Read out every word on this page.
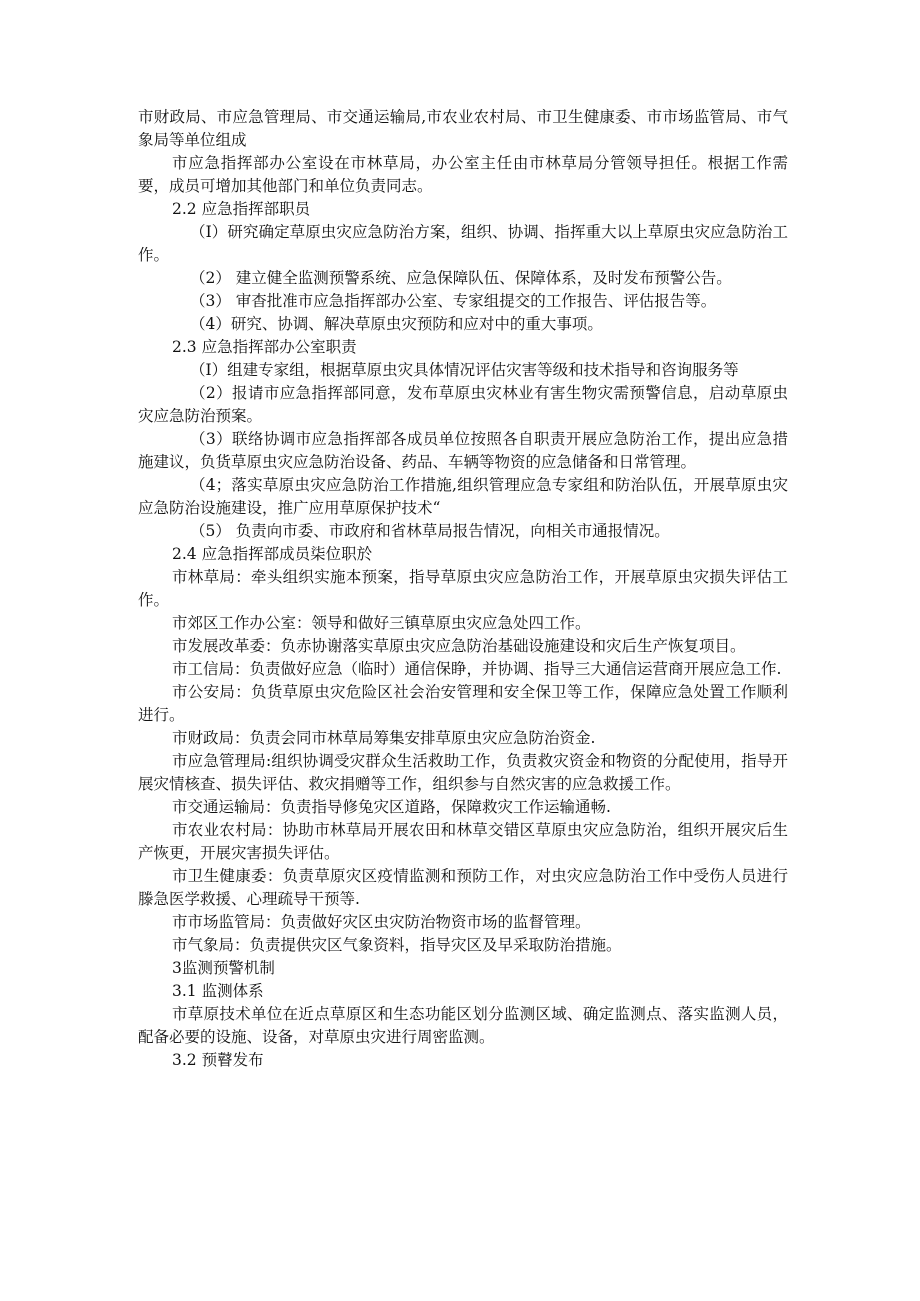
市财政局、市应急管理局、市交通运输局,市农业农村局、市卫生健康委、市市场监管局、市气象局等单位组成

市应急指挥部办公室设在市林草局，办公室主任由市林草局分管领导担任。根据工作需要，成员可增加其他部门和单位负责同志。

2.2 应急指挥部职员

（I）研究确定草原虫灾应急防治方案，组织、协调、指挥重大以上草原虫灾应急防治工作。

（2） 建立健全监测预警系统、应急保障队伍、保障体系，及时发布预警公告。

（3） 审杳批准市应急指挥部办公室、专家组提交的工作报告、评估报告等。

（4）研究、协调、解决草原虫灾预防和应对中的重大事项。

2.3 应急指挥部办公室职责

（I）组建专家组，根据草原虫灾具体情况评估灾害等级和技术指导和咨询服务等

（2）报请市应急指挥部同意，发布草原虫灾林业有害生物灾需预警信息，启动草原虫灾应急防治预案。

（3）联络协调市应急指挥部各成员单位按照各自职责开展应急防治工作，提出应急措施建议，负货草原虫灾应急防治设备、药品、车辆等物资的应急储备和日常管理。

（4；落实草原虫灾应急防治工作措施,组织管理应急专家组和防治队伍，开展草原虫灾应急防治设施建设，推广应用草原保护技术“

（5） 负责向市委、市政府和省林草局报告情况，向相关市通报情况。

2.4 应急指挥部成员柒位职於

市林草局：牵头组织实施本预案，指导草原虫灾应急防治工作，开展草原虫灾损失评估工作。

市郊区工作办公室：领导和做好三镇草原虫灾应急处四工作。

市发展改革委：负赤协谢落实草原虫灾应急防治基础设施建设和灾后生产恢复项目。

市工信局：负责做好应急（临时）通信保睁，并协调、指导三大通信运营商开展应急工作.

市公安局：负货草原虫灾危险区社会治安管理和安全保卫等工作，保障应急处置工作顺利进行。

市财政局：负责会同市林草局筹集安排草原虫灾应急防治资金.

市应急管理局:组织协调受灾群众生活救助工作，负责救灾资金和物资的分配使用，指导开展灾情核查、损失评估、救灾捐赠等工作，组织参与自然灾害的应急救援工作。

市交通运输局：负责指导修兔灾区道路，保障救灾工作运输通畅.

市农业农村局：协助市林草局开展农田和林草交错区草原虫灾应急防治，组织开展灾后生产恢更，开展灾害损失评估。

市卫生健康委：负责草原灾区疫情监测和预防工作，对虫灾应急防治工作中受伤人员进行滕急医学救援、心理疏导干预等.

市市场监管局：负责做好灾区虫灾防治物资市场的监督管理。

市气象局：负责提供灾区气象资料，指导灾区及早采取防治措施。

3监测预警机制

3.1 监测体系

市草原技术单位在近点草原区和生态功能区划分监测区域、确定监测点、落实监测人员，配备必要的设施、设备，对草原虫灾进行周密监测。

3.2 预瞽发布
